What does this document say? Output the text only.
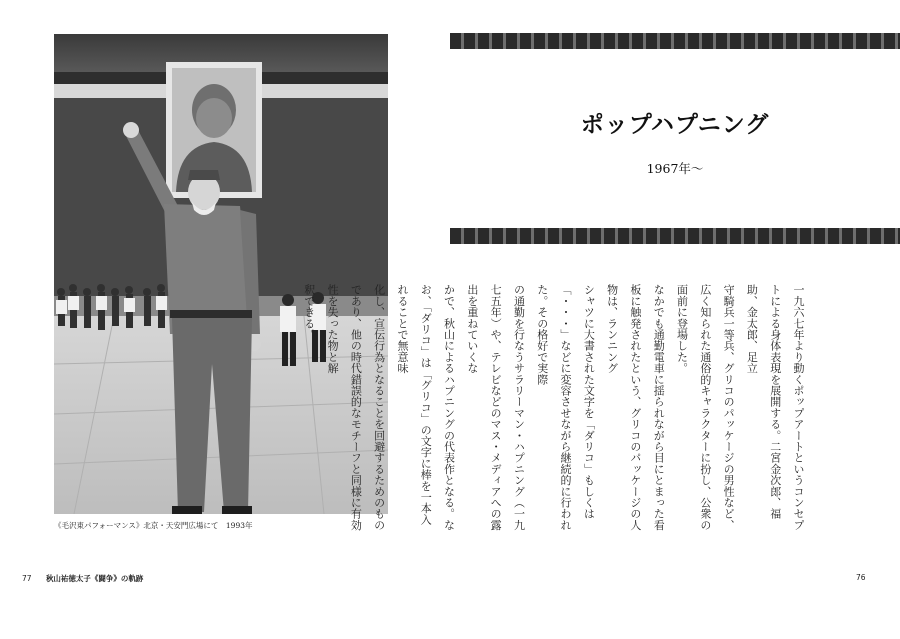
《毛沢東パフォーマンス》北京・天安門広場にて　1993年
77 秋山祐徳太子《闘争》の軌跡	76
ポップハプニング
1967年〜

一九六七年より動くポップアートというコンセプトによる身体表現を展開する。二宮金次郎、福助、金太郎、足立

守騎兵一等兵、グリコのパッケージの男性など、広く知られた通俗的キャラクターに扮し、公衆の面前に登場した。

なかでも通勤電車に揺られながら目にとまった看板に触発されたという、グリコのパッケージの人物は、ランニング

シャツに大書された文字を「ダリコ」もしくは「・・・」などに変容させながら継続的に行われた。その格好で実際

の通勤を行なうサラリーマン・ハプニング（一九七五年）や、テレビなどのマス・メディアへの露出を重ねていくな

かで、秋山によるハプニングの代表作となる。なお、「ダリコ」は「グリコ」の文字に棒を一本入れることで無意味

化し、宣伝行為となることを回避するためのものであり、他の時代錯誤的なモチーフと同様に有効性を失った物と解

釈できる。
